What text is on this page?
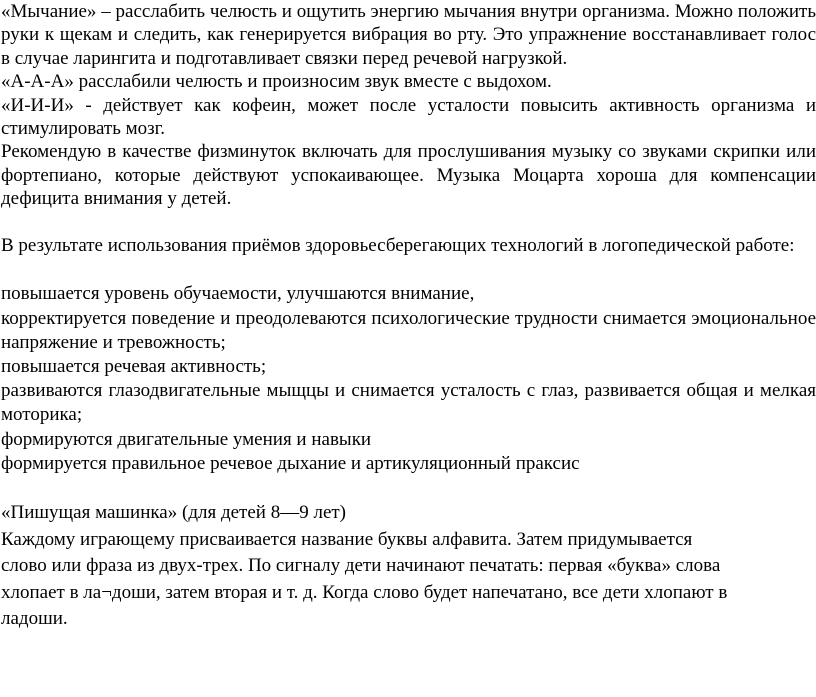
«Мычание» – расслабить челюсть и ощутить энергию мычания внутри организма. Можно положить руки к щекам и следить, как генерируется вибрация во рту. Это упражнение восстанавливает голос в случае ларингита и подготавливает связки перед речевой нагрузкой.

«А-А-А» расслабили челюсть и произносим звук вместе с выдохом.

«И-И-И» - действует как кофеин, может после усталости повысить активность организма и стимулировать мозг.

Рекомендую в качестве физминуток включать для прослушивания музыку со звуками скрипки или фортепиано, которые действуют успокаивающее. Музыка Моцарта хороша для компенсации дефицита внимания у детей.

В результате использования приёмов здоровьесберегающих технологий в логопедической работе:

повышается уровень обучаемости, улучшаются внимание,

корректируется поведение и преодолеваются психологические трудности снимается эмоциональное напряжение и тревожность;

повышается речевая активность;

развиваются глазодвигательные мыщцы и снимается усталость с глаз, развивается общая и мелкая моторика;

формируются двигательные умения и навыки

формируется правильное речевое дыхание и артикуляционный праксис

«Пишущая машинка» (для детей 8—9 лет)

Каждому играющему присваивается название буквы алфавита. Затем придумывается

слово или фраза из двух-трех. По сигналу дети начинают печатать: первая «буква» слова

хлопает в ла¬доши, затем вторая и т. д. Когда слово будет напечатано, все дети хлопают в

ладоши.
